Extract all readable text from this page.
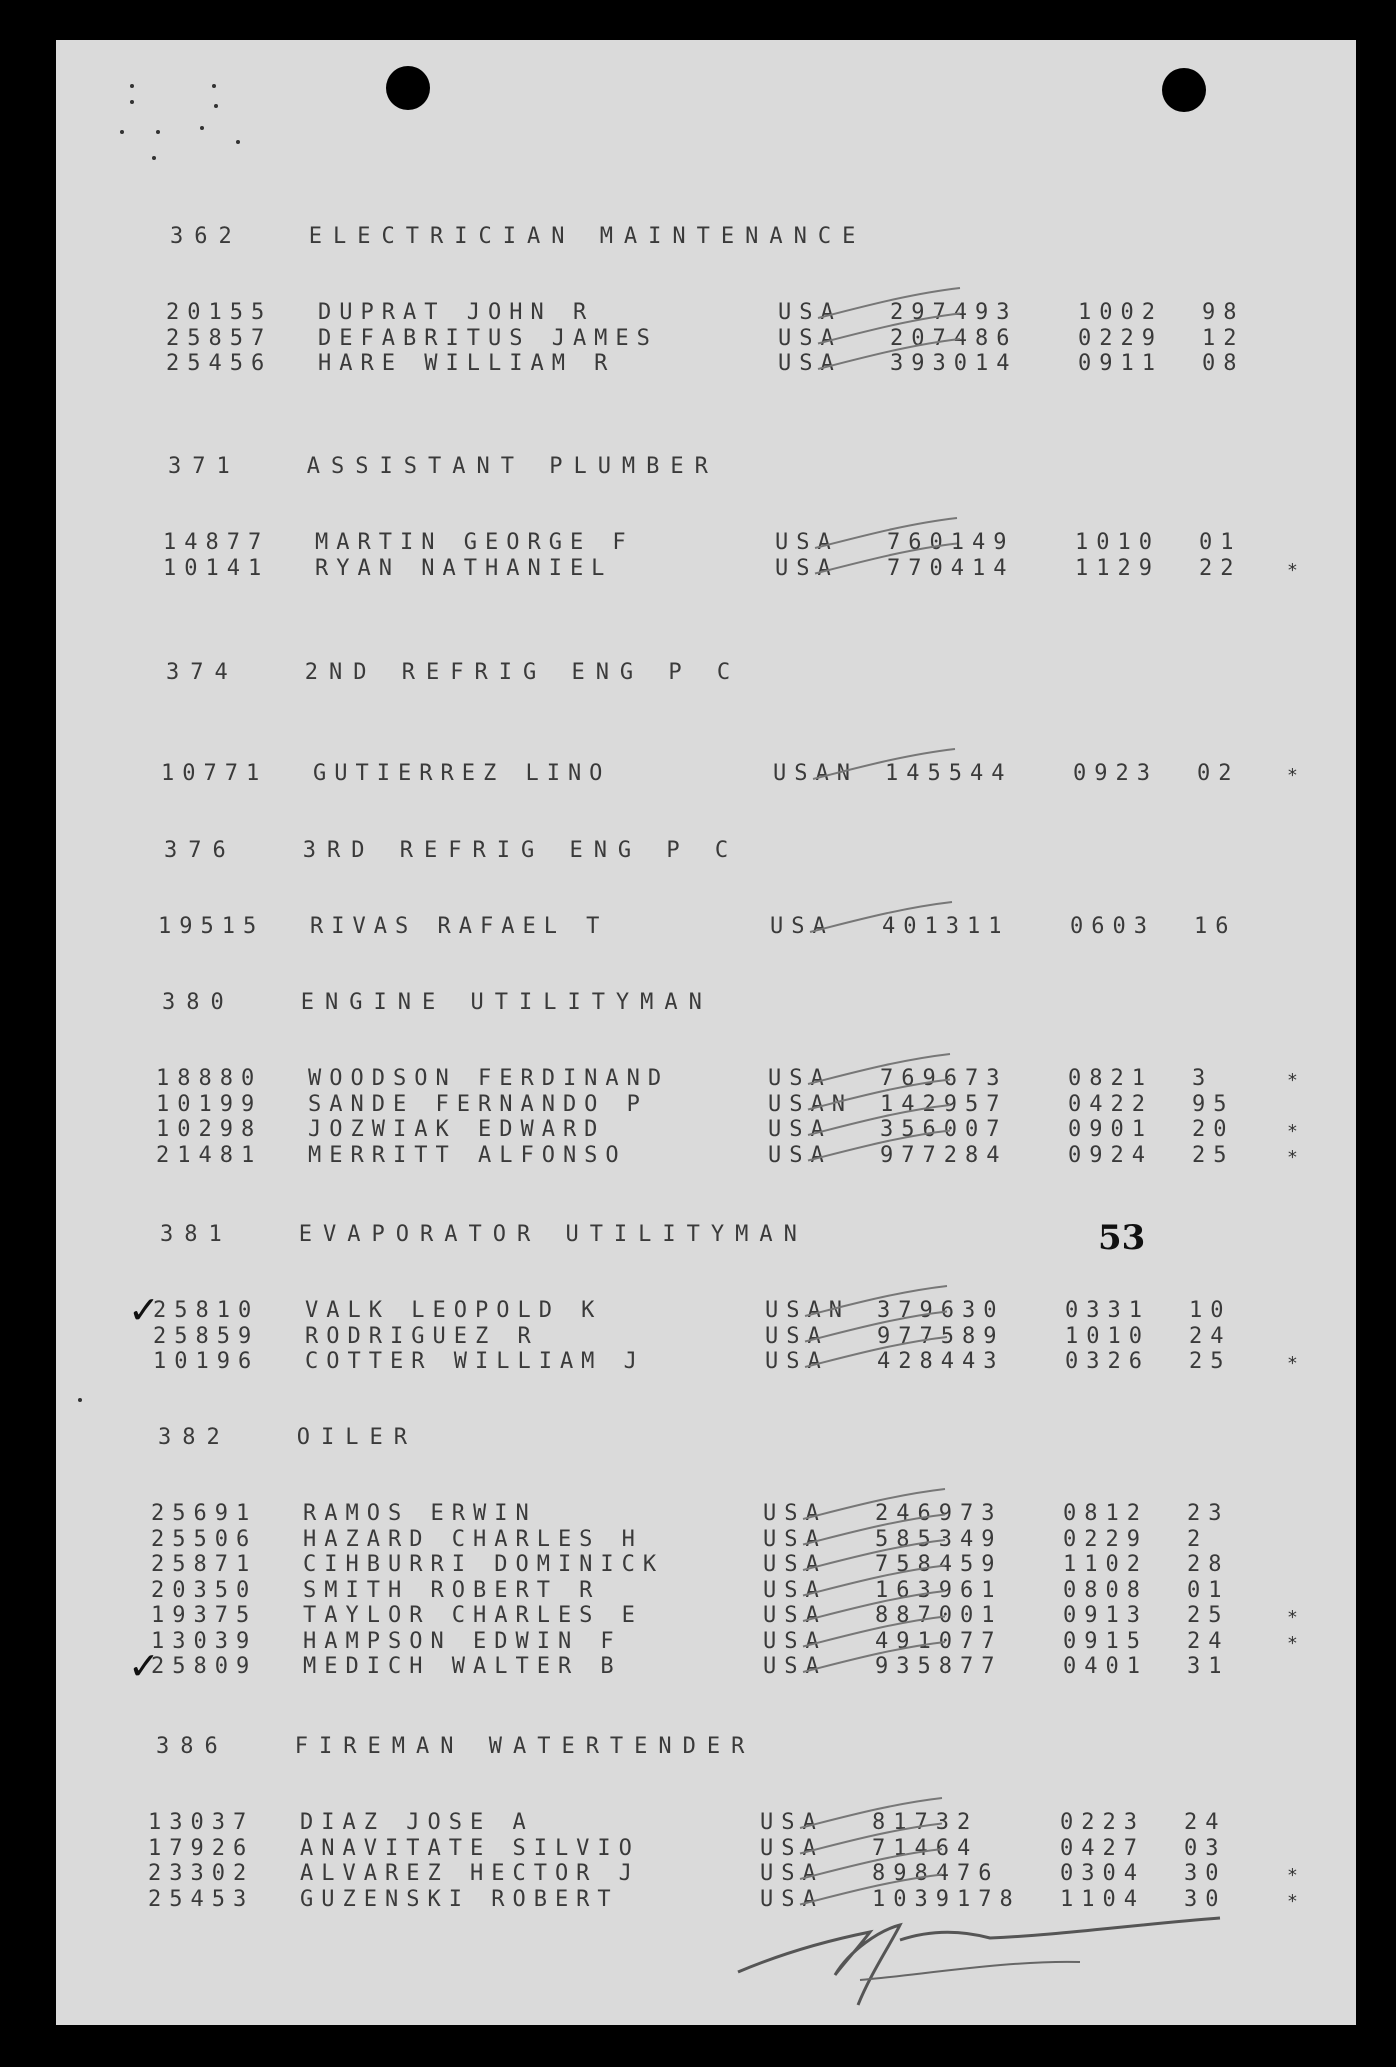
362	ELECTRICIAN MAINTENANCE
20155 DUPRAT JOHN R	USA 297493	1002 98
25857 DEFABRITUS JAMES	USA 207486	0229 12
25456 HARE WILLIAM R	USA 393014	0911 08
371	ASSISTANT PLUMBER
14877 MARTIN GEORGE F	USA 760149	1010 01
10141 RYAN NATHANIEL	USA 770414	1129 22	*
374	2ND REFRIG ENG P C
10771 GUTIERREZ LINO	USAN 145544	0923 02	*
376	3RD REFRIG ENG P C
19515 RIVAS RAFAEL T	USA 401311	0603 16
380	ENGINE UTILITYMAN
18880 WOODSON FERDINAND	USA 769673	0821 3	*
10199 SANDE FERNANDO P	USAN 142957	0422 95
10298 JOZWIAK EDWARD	USA 356007	0901 20	*
21481 MERRITT ALFONSO	USA 977284	0924 25	*
381	EVAPORATOR UTILITYMAN
25810 VALK LEOPOLD K	USAN 379630	0331 10
✓
25859 RODRIGUEZ R	USA 977589	1010 24
10196 COTTER WILLIAM J	USA 428443	0326 25	*
382	OILER
25691 RAMOS ERWIN	USA 246973	0812 23
25506 HAZARD CHARLES H	USA 585349	0229 2
25871 CIHBURRI DOMINICK	USA 758459	1102 28
20350 SMITH ROBERT R	USA 163961	0808 01
19375 TAYLOR CHARLES E	USA 887001	0913 25	*
13039 HAMPSON EDWIN F	USA 491077	0915 24	*
25809 MEDICH WALTER B	USA 935877	0401 31
✓
386	FIREMAN WATERTENDER
13037 DIAZ JOSE A	USA 81732	0223 24
17926 ANAVITATE SILVIO	USA 71464	0427 03
23302 ALVAREZ HECTOR J	USA 898476	0304 30	*
25453 GUZENSKI ROBERT	USA 1039178 1104 30	*
53
